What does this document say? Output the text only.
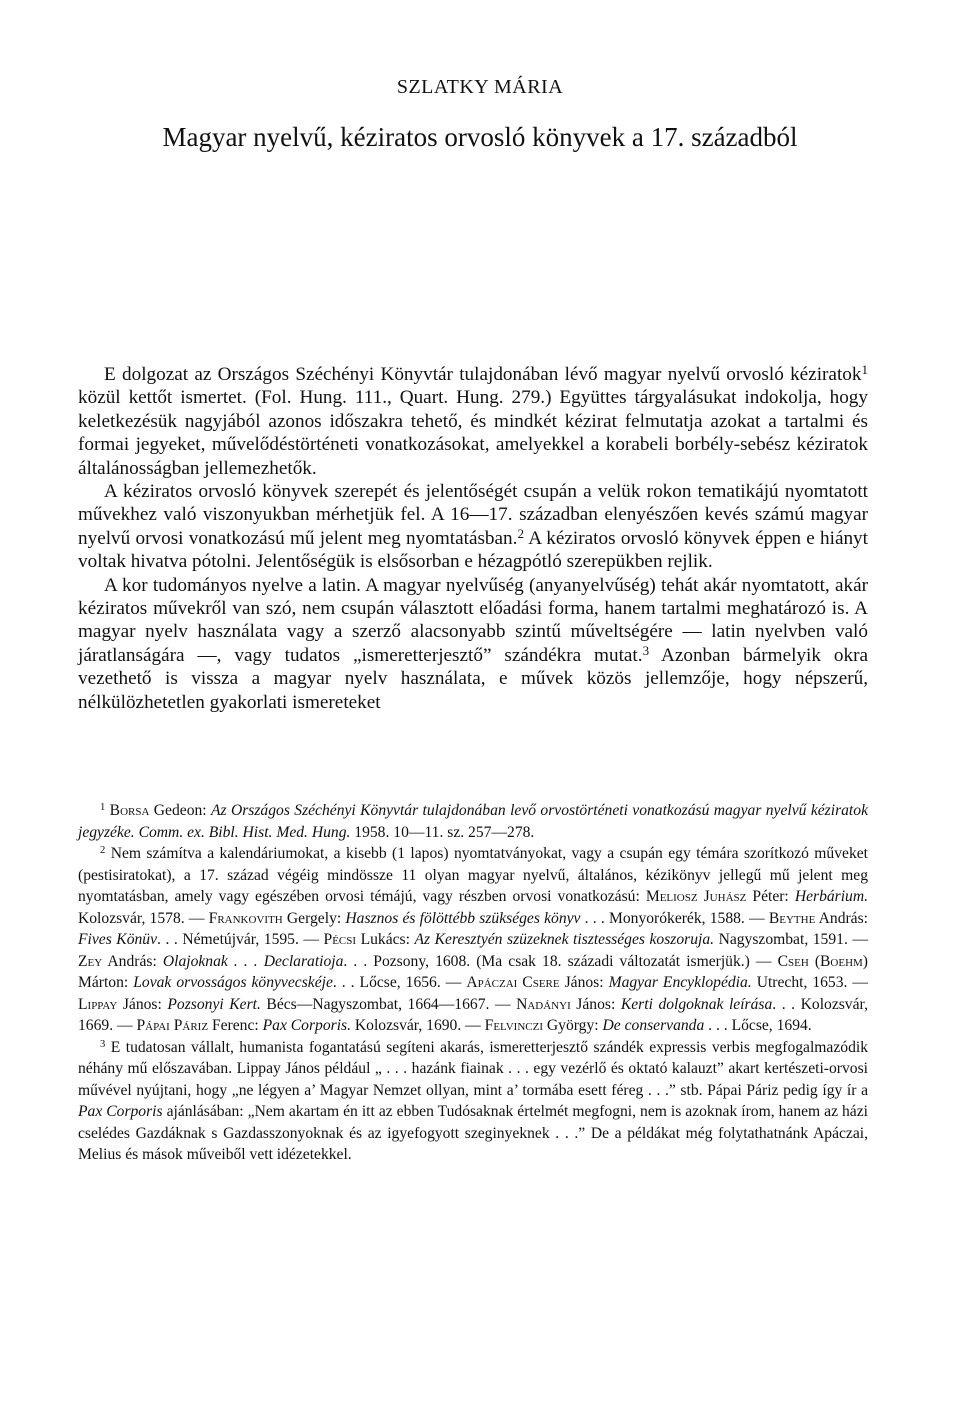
SZLATKY MÁRIA
Magyar nyelvű, kéziratos orvosló könyvek a 17. századból

E dolgozat az Országos Széchényi Könyvtár tulajdonában lévő magyar nyelvű orvosló kéziratok$^1$ közül kettőt ismertet. (Fol. Hung. 111., Quart. Hung. 279.) Együttes tárgyalásukat indokolja, hogy keletkezésük nagyjából azonos időszakra tehető, és mindkét kézirat felmutatja azokat a tartalmi és formai jegyeket, művelődéstörténeti vonatkozásokat, amelyekkel a korabeli borbély-sebész kéziratok általánosságban jellemezhetők.

A kéziratos orvosló könyvek szerepét és jelentőségét csupán a velük rokon tematikájú nyomtatott művekhez való viszonyukban mérhetjük fel. A 16—17. században elenyészően kevés számú magyar nyelvű orvosi vonatkozású mű jelent meg nyomtatásban.$^2$ A kéziratos orvosló könyvek éppen e hiányt voltak hivatva pótolni. Jelentőségük is elsősorban e hézagpótló szerepükben rejlik.

A kor tudományos nyelve a latin. A magyar nyelvűség (anyanyelvűség) tehát akár nyomtatott, akár kéziratos művekről van szó, nem csupán választott előadási forma, hanem tartalmi meghatározó is. A magyar nyelv használata vagy a szerző alacsonyabb szintű műveltségére — latin nyelvben való járatlanságára —, vagy tudatos „ismeretterjesztő” szándékra mutat.$^3$ Azonban bármelyik okra vezethető is vissza a magyar nyelv használata, e művek közös jellemzője, hogy népszerű, nélkülözhetetlen gyakorlati ismereteket

$^1$ Borsa Gedeon: Az Országos Széchényi Könyvtár tulajdonában levő orvostörténeti vonatkozású magyar nyelvű kéziratok jegyzéke. Comm. ex. Bibl. Hist. Med. Hung. 1958. 10—11. sz. 257—278.

$^2$ Nem számítva a kalendáriumokat, a kisebb (1 lapos) nyomtatványokat, vagy a csupán egy témára szorítkozó műveket (pestisiratokat), a 17. század végéig mindössze 11 olyan magyar nyelvű, általános, kézikönyv jellegű mű jelent meg nyomtatásban, amely vagy egészében orvosi témájú, vagy részben orvosi vonatkozású: Meliosz Juhász Péter: Herbárium. Kolozsvár, 1578. — Frankovith Gergely: Hasznos és fölöttébb szükséges könyv . . . Monyorókerék, 1588. — Beythe András: Fives Könüv. . . Németújvár, 1595. — Pécsi Lukács: Az Keresztyén szüzeknek tisztességes koszoruja. Nagyszombat, 1591. — Zey András: Olajoknak . . . Declaratioja. . . Pozsony, 1608. (Ma csak 18. századi változatát ismerjük.) — Cseh (Boehm) Márton: Lovak orvosságos könyvecskéje. . . Lőcse, 1656. — Apáczai Csere János: Magyar Encyklopédia. Utrecht, 1653. — Lippay János: Pozsonyi Kert. Bécs—Nagyszombat, 1664—1667. — Nadányi János: Kerti dolgoknak leírása. . . Kolozsvár, 1669. — Pápai Páriz Ferenc: Pax Corporis. Kolozsvár, 1690. — Felvinczi György: De conservanda . . . Lőcse, 1694.

$^3$ E tudatosan vállalt, humanista fogantatású segíteni akarás, ismeretterjesztő szándék expressis verbis megfogalmazódik néhány mű előszavában. Lippay János például „ . . . hazánk fiainak . . . egy vezérlő és oktató kalauzt” akart kertészeti-orvosi művével nyújtani, hogy „ne légyen a’ Magyar Nemzet ollyan, mint a’ tormába esett féreg . . .” stb. Pápai Páriz pedig így ír a Pax Corporis ajánlásában: „Nem akartam én itt az ebben Tudósaknak értelmét megfogni, nem is azoknak írom, hanem az házi cselédes Gazdáknak s Gazdasszonyoknak és az igyefogyott szeginyeknek . . .” De a példákat még folytathatnánk Apáczai, Melius és mások műveiből vett idézetekkel.
